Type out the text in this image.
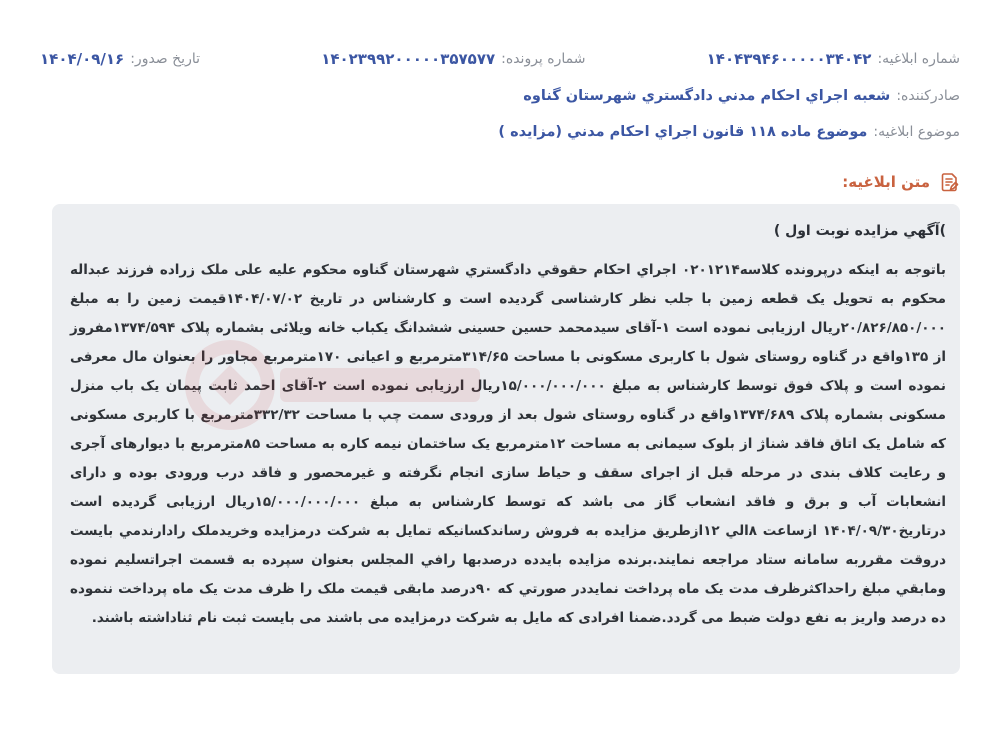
شماره ابلاغیه:
۱۴۰۴۳۹۴۶۰۰۰۰۰۳۴۰۴۲
شماره پرونده:
۱۴۰۲۳۹۹۲۰۰۰۰۰۳۵۷۵۷۷
تاریخ صدور:
۱۴۰۴/۰۹/۱۶
صادرکننده:
شعبه اجراي احكام مدني دادگستري شهرستان گناوه
موضوع ابلاغیه:
موضوع ماده ۱۱۸ قانون اجراي احكام مدني (مزايده )
متن ابلاغیه:

)آگهي مزايده نوبت اول )

باتوجه به اينكه درپرونده كلاسه۰۲۰۱۲۱۴ اجراي احكام حقوقي دادگستري شهرستان گناوه محكوم عليه علی ملک زراده فرزند عبداله محكوم به تحويل يک قطعه زمين با جلب نظر كارشناسی گرديده است و كارشناس در تاريخ ۱۴۰۴/۰۷/۰۲قيمت زمين را به مبلغ ۲۰/۸۲۶/۸۵۰/۰۰۰ريال ارزيابی نموده است ۱-آقای سيدمحمد حسين حسينی ششدانگ يكباب خانه ويلائی بشماره پلاک ۱۳۷۴/۵۹۴مفروز از ۱۳۵واقع در گناوه روستای شول با كاربری مسكونی با مساحت ۳۱۴/۶۵مترمربع و اعيانی ۱۷۰مترمربع مجاور را بعنوان مال معرفی نموده است و پلاک فوق توسط كارشناس به مبلغ ۱۵/۰۰۰/۰۰۰/۰۰۰ريال ارزيابی نموده است ۲-آقای احمد ثابت پيمان يک باب منزل مسكونی بشماره پلاک ۱۳۷۴/۶۸۹واقع در گناوه روستای شول بعد از ورودی سمت چپ با مساحت ۳۳۲/۳۲مترمربع با كاربری مسكونی كه شامل يک اتاق فاقد شناژ از بلوک سيمانی به مساحت ۱۲مترمربع يک ساختمان نيمه كاره به مساحت ۸۵مترمربع با ديوارهای آجری و رعايت كلاف بندی در مرحله قبل از اجرای سقف و حياط سازی انجام نگرفته و غيرمحصور و فاقد درب ورودی بوده و دارای انشعابات آب و برق و فاقد انشعاب گاز می باشد كه توسط كارشناس به مبلغ ۱۵/۰۰۰/۰۰۰/۰۰۰ريال ارزيابی گرديده است درتاريخ۱۴۰۴/۰۹/۳۰ ازساعت ۸الي ۱۲ازطريق مزايده به فروش رساندكسانيكه تمايل به شركت درمزايده وخريدملک رادارندمي بايست دروقت مقرربه سامانه ستاد مراجعه نمايند.برنده مزايده بايدده درصدبها رافي المجلس بعنوان سپرده به قسمت اجراتسليم نموده ومابقي مبلغ راحداكثرظرف مدت يک ماه پرداخت نمايددر صورتي كه ۹۰درصد مابقی قيمت ملک را ظرف مدت يک ماه پرداخت ننموده ده درصد واريز به نفع دولت ضبط می گردد.ضمنا افرادی كه مايل به شركت درمزايده می باشند می بايست ثبت نام ثناداشته باشند.
